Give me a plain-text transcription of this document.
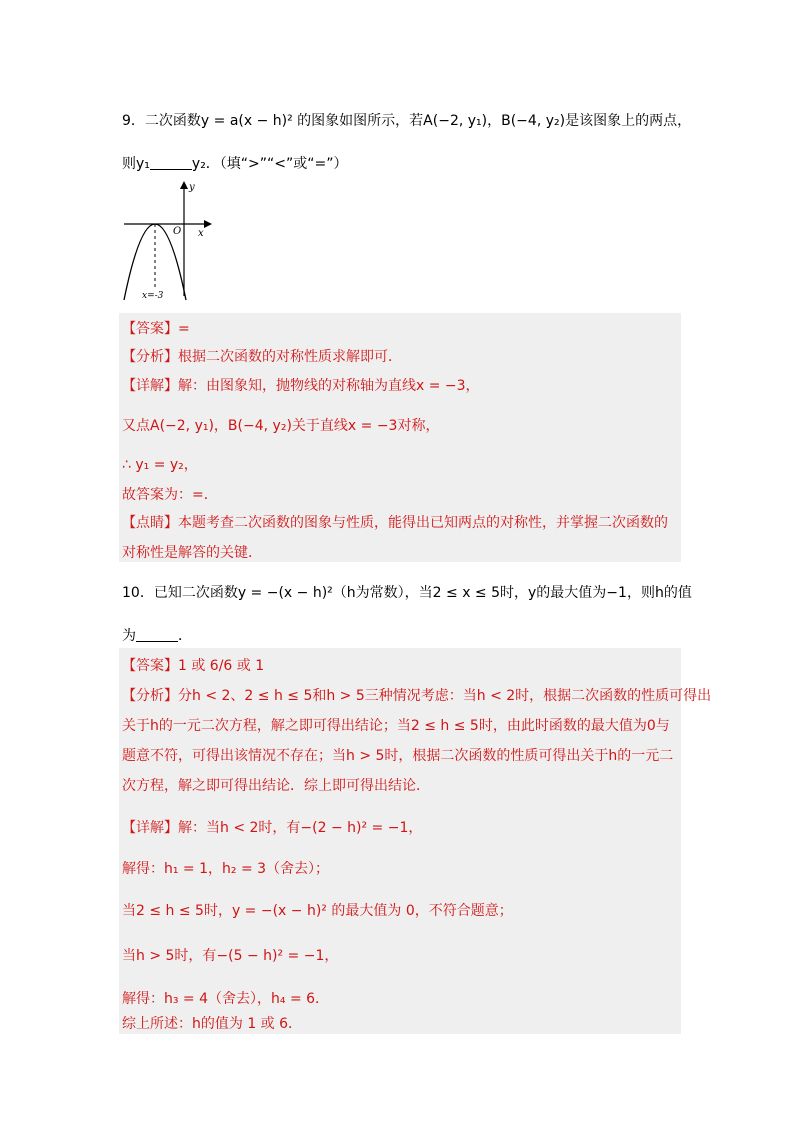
9．二次函数y = a(x − h)² 的图象如图所示，若A(−2, y₁)，B(−4, y₂)是该图象上的两点，
则y₁	y₂．（填“>”“<”或“=”）
y
x
O
x=-3
【答案】=
【分析】根据二次函数的对称性质求解即可．
【详解】解：由图象知，抛物线的对称轴为直线x = −3，
又点A(−2, y₁)，B(−4, y₂)关于直线x = −3对称，
∴ y₁ = y₂，
故答案为：=．
【点睛】本题考查二次函数的图象与性质，能得出已知两点的对称性，并掌握二次函数的
对称性是解答的关键．
10．已知二次函数y = −(x − h)²（h为常数），当2 ≤ x ≤ 5时，y的最大值为−1，则h的值
为	．
【答案】1 或 6/6 或 1
【分析】分h < 2、2 ≤ h ≤ 5和h > 5三种情况考虑：当h < 2时，根据二次函数的性质可得出
关于h的一元二次方程，解之即可得出结论；当2 ≤ h ≤ 5时，由此时函数的最大值为0与
题意不符，可得出该情况不存在；当h > 5时，根据二次函数的性质可得出关于h的一元二
次方程，解之即可得出结论．综上即可得出结论．
【详解】解：当h < 2时，有−(2 − h)² = −1，
解得：h₁ = 1，h₂ = 3（舍去）；
当2 ≤ h ≤ 5时，y = −(x − h)² 的最大值为 0，不符合题意；
当h > 5时，有−(5 − h)² = −1，
解得：h₃ = 4（舍去），h₄ = 6．
综上所述：h的值为 1 或 6．
